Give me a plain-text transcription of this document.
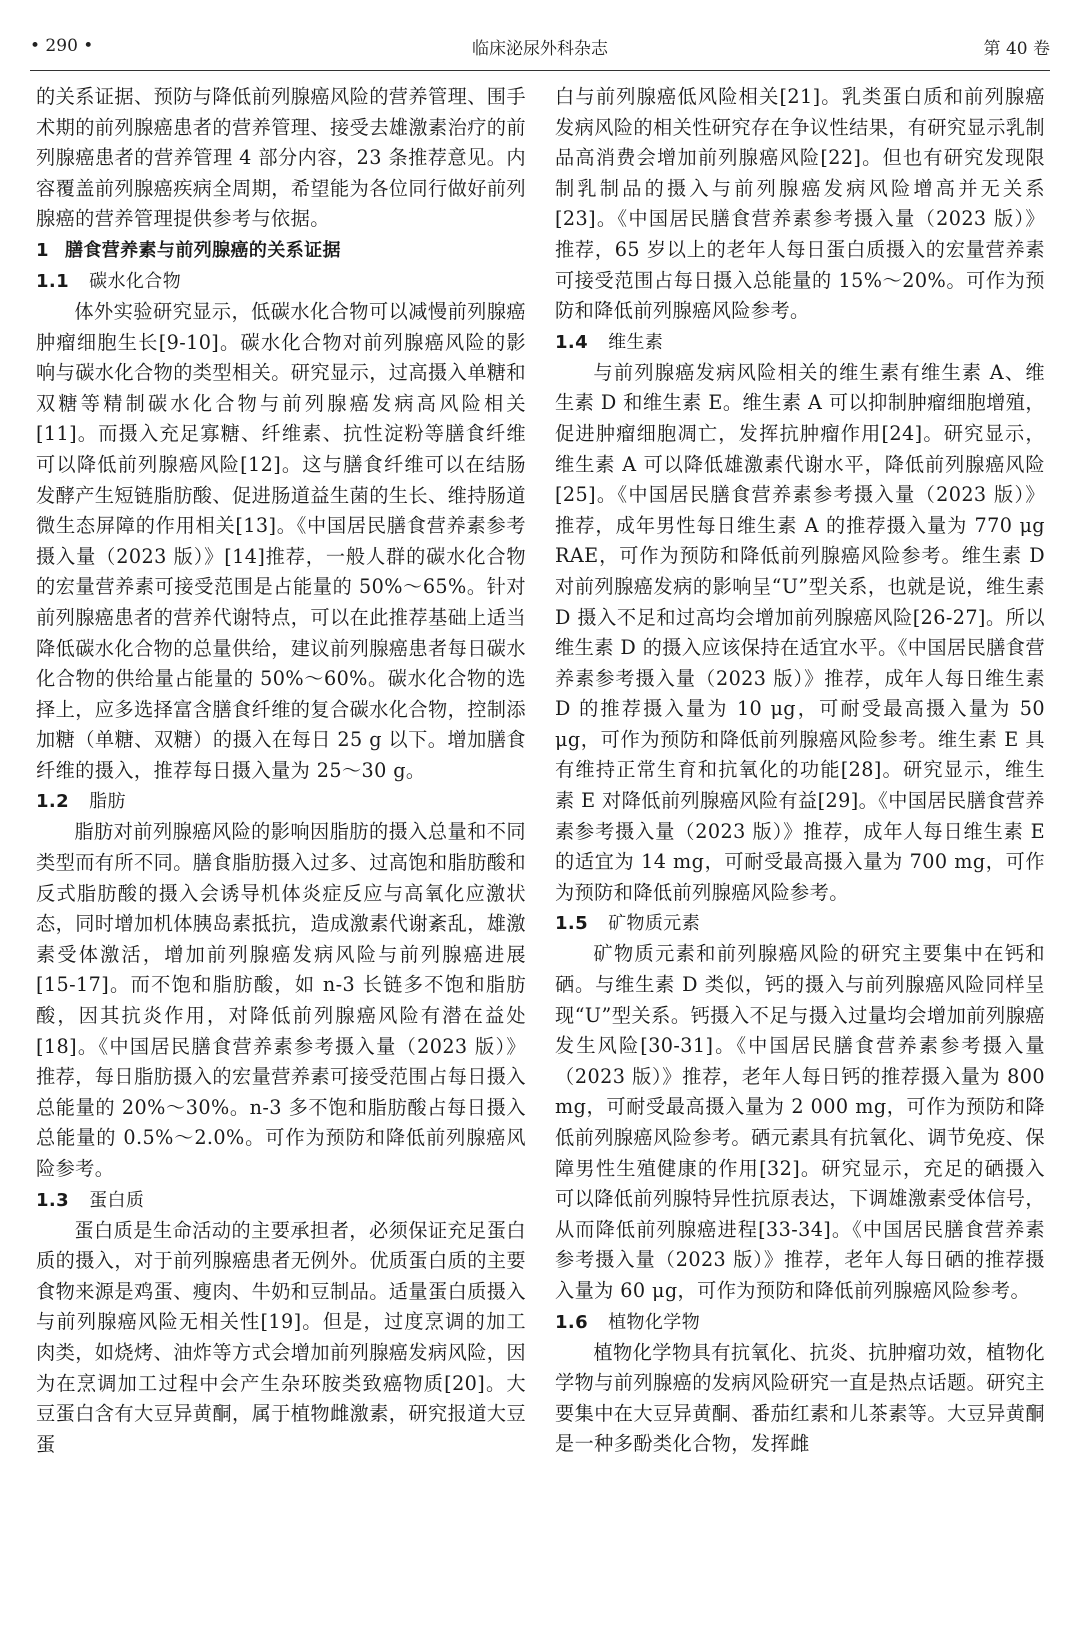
• 290 •	临床泌尿外科杂志	第 40 卷

的关系证据、预防与降低前列腺癌风险的营养管理、围手术期的前列腺癌患者的营养管理、接受去雄激素治疗的前列腺癌患者的营养管理 4 部分内容，23 条推荐意见。内容覆盖前列腺癌疾病全周期，希望能为各位同行做好前列腺癌的营养管理提供参考与依据。

1 膳食营养素与前列腺癌的关系证据
1.1 碳水化合物

体外实验研究显示，低碳水化合物可以减慢前列腺癌肿瘤细胞生长[9-10]。碳水化合物对前列腺癌风险的影响与碳水化合物的类型相关。研究显示，过高摄入单糖和双糖等精制碳水化合物与前列腺癌发病高风险相关[11]。而摄入充足寡糖、纤维素、抗性淀粉等膳食纤维可以降低前列腺癌风险[12]。这与膳食纤维可以在结肠发酵产生短链脂肪酸、促进肠道益生菌的生长、维持肠道微生态屏障的作用相关[13]。《中国居民膳食营养素参考摄入量（2023 版）》[14]推荐，一般人群的碳水化合物的宏量营养素可接受范围是占能量的 50%～65%。针对前列腺癌患者的营养代谢特点，可以在此推荐基础上适当降低碳水化合物的总量供给，建议前列腺癌患者每日碳水化合物的供给量占能量的 50%～60%。碳水化合物的选择上，应多选择富含膳食纤维的复合碳水化合物，控制添加糖（单糖、双糖）的摄入在每日 25 g 以下。增加膳食纤维的摄入，推荐每日摄入量为 25～30 g。

1.2 脂肪

脂肪对前列腺癌风险的影响因脂肪的摄入总量和不同类型而有所不同。膳食脂肪摄入过多、过高饱和脂肪酸和反式脂肪酸的摄入会诱导机体炎症反应与高氧化应激状态，同时增加机体胰岛素抵抗，造成激素代谢紊乱，雄激素受体激活，增加前列腺癌发病风险与前列腺癌进展[15-17]。而不饱和脂肪酸，如 n-3 长链多不饱和脂肪酸，因其抗炎作用，对降低前列腺癌风险有潜在益处[18]。《中国居民膳食营养素参考摄入量（2023 版）》推荐，每日脂肪摄入的宏量营养素可接受范围占每日摄入总能量的 20%～30%。n-3 多不饱和脂肪酸占每日摄入总能量的 0.5%～2.0%。可作为预防和降低前列腺癌风险参考。

1.3 蛋白质

蛋白质是生命活动的主要承担者，必须保证充足蛋白质的摄入，对于前列腺癌患者无例外。优质蛋白质的主要食物来源是鸡蛋、瘦肉、牛奶和豆制品。适量蛋白质摄入与前列腺癌风险无相关性[19]。但是，过度烹调的加工肉类，如烧烤、油炸等方式会增加前列腺癌发病风险，因为在烹调加工过程中会产生杂环胺类致癌物质[20]。大豆蛋白含有大豆异黄酮，属于植物雌激素，研究报道大豆蛋

白与前列腺癌低风险相关[21]。乳类蛋白质和前列腺癌发病风险的相关性研究存在争议性结果，有研究显示乳制品高消费会增加前列腺癌风险[22]。但也有研究发现限制乳制品的摄入与前列腺癌发病风险增高并无关系[23]。《中国居民膳食营养素参考摄入量（2023 版）》推荐，65 岁以上的老年人每日蛋白质摄入的宏量营养素可接受范围占每日摄入总能量的 15%～20%。可作为预防和降低前列腺癌风险参考。

1.4 维生素

与前列腺癌发病风险相关的维生素有维生素 A、维生素 D 和维生素 E。维生素 A 可以抑制肿瘤细胞增殖，促进肿瘤细胞凋亡，发挥抗肿瘤作用[24]。研究显示，维生素 A 可以降低雄激素代谢水平，降低前列腺癌风险[25]。《中国居民膳食营养素参考摄入量（2023 版）》推荐，成年男性每日维生素 A 的推荐摄入量为 770 μg RAE，可作为预防和降低前列腺癌风险参考。维生素 D 对前列腺癌发病的影响呈“U”型关系，也就是说，维生素 D 摄入不足和过高均会增加前列腺癌风险[26-27]。所以维生素 D 的摄入应该保持在适宜水平。《中国居民膳食营养素参考摄入量（2023 版）》推荐，成年人每日维生素 D 的推荐摄入量为 10 μg，可耐受最高摄入量为 50 μg，可作为预防和降低前列腺癌风险参考。维生素 E 具有维持正常生育和抗氧化的功能[28]。研究显示，维生素 E 对降低前列腺癌风险有益[29]。《中国居民膳食营养素参考摄入量（2023 版）》推荐，成年人每日维生素 E 的适宜为 14 mg，可耐受最高摄入量为 700 mg，可作为预防和降低前列腺癌风险参考。

1.5 矿物质元素

矿物质元素和前列腺癌风险的研究主要集中在钙和硒。与维生素 D 类似，钙的摄入与前列腺癌风险同样呈现“U”型关系。钙摄入不足与摄入过量均会增加前列腺癌发生风险[30-31]。《中国居民膳食营养素参考摄入量（2023 版）》推荐，老年人每日钙的推荐摄入量为 800 mg，可耐受最高摄入量为 2 000 mg，可作为预防和降低前列腺癌风险参考。硒元素具有抗氧化、调节免疫、保障男性生殖健康的作用[32]。研究显示，充足的硒摄入可以降低前列腺特异性抗原表达，下调雄激素受体信号，从而降低前列腺癌进程[33-34]。《中国居民膳食营养素参考摄入量（2023 版）》推荐，老年人每日硒的推荐摄入量为 60 μg，可作为预防和降低前列腺癌风险参考。

1.6 植物化学物

植物化学物具有抗氧化、抗炎、抗肿瘤功效，植物化学物与前列腺癌的发病风险研究一直是热点话题。研究主要集中在大豆异黄酮、番茄红素和儿茶素等。大豆异黄酮是一种多酚类化合物，发挥雌
